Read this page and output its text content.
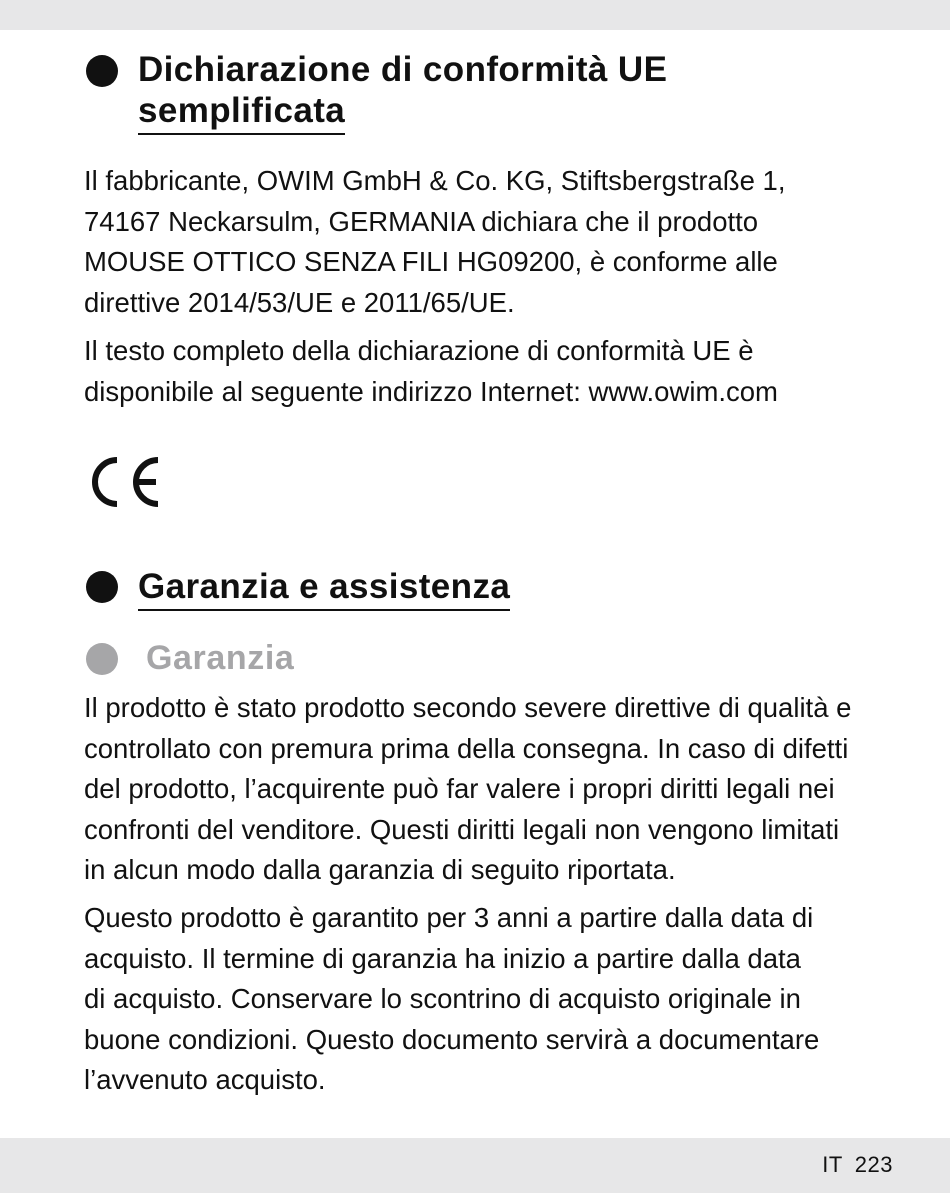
Dichiarazione di conformità UE
semplificata
Il fabbricante, OWIM GmbH & Co. KG, Stiftsbergstraße 1,
74167 Neckarsulm, GERMANIA dichiara che il prodotto
MOUSE OTTICO SENZA FILI HG09200, è conforme alle
direttive 2014/53/UE e 2011/65/UE.
Il testo completo della dichiarazione di conformità UE è
disponibile al seguente indirizzo Internet: www.owim.com
Garanzia e assistenza
Garanzia
Il prodotto è stato prodotto secondo severe direttive di qualità e
controllato con premura prima della consegna. In caso di difetti
del prodotto, l’acquirente può far valere i propri diritti legali nei
confronti del venditore. Questi diritti legali non vengono limitati
in alcun modo dalla garanzia di seguito riportata.
Questo prodotto è garantito per 3 anni a partire dalla data di
acquisto. Il termine di garanzia ha inizio a partire dalla data
di acquisto. Conservare lo scontrino di acquisto originale in
buone condizioni. Questo documento servirà a documentare
l’avvenuto acquisto.
IT 223
